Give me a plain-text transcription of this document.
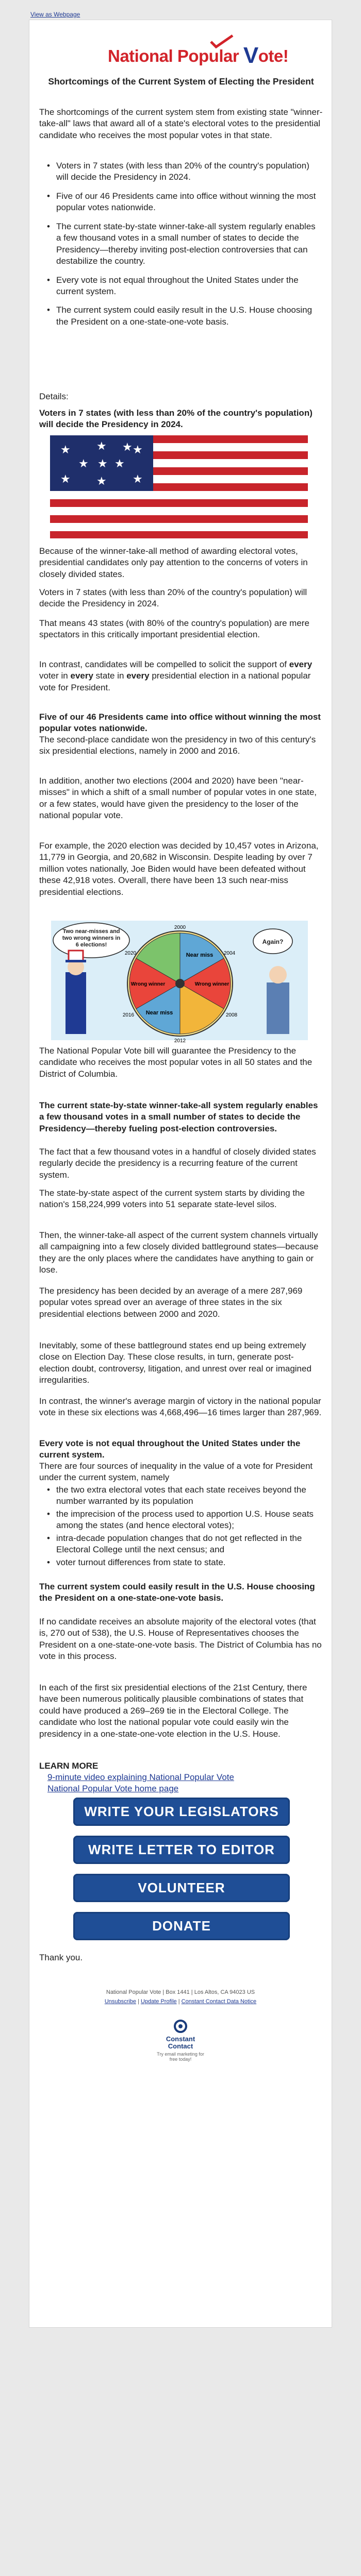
View as Webpage
National Popular Vote!
Shortcomings of the Current System of Electing the President
The shortcomings of the current system stem from existing state "winner-take-all" laws that award all of a state's electoral votes to the presidential candidate who receives the most popular votes in that state.
• Voters in 7 states (with less than 20% of the country's population) will decide the Presidency in 2024.
• Five of our 46 Presidents came into office without winning the most popular votes nationwide.
• The current state-by-state winner-take-all system regularly enables a few thousand votes in a small number of states to decide the Presidency—thereby inviting post-election controversies that can destabilize the country.
• Every vote is not equal throughout the United States under the current system.
• The current system could easily result in the U.S. House choosing the President on a one-state-one-vote basis.
Details:
Voters in 7 states (with less than 20% of the country's population) will decide the Presidency in 2024.
★ ★ ★
★ ★
★ ★ ★
★
★
Because of the winner-take-all method of awarding electoral votes, presidential candidates only pay attention to the concerns of voters in closely divided states.
Voters in 7 states (with less than 20% of the country's population) will decide the Presidency in 2024.
That means 43 states (with 80% of the country's population) are mere spectators in this critically important presidential election.
In contrast, candidates will be compelled to solicit the support of every voter in every state in every presidential election in a national popular vote for President.
Five of our 46 Presidents came into office without winning the most popular votes nationwide.
The second-place candidate won the presidency in two of this century's six presidential elections, namely in 2000 and 2016.
In addition, another two elections (2004 and 2020) have been "near-misses" in which a shift of a small number of popular votes in one state, or a few states, would have given the presidency to the loser of the national popular vote.
For example, the 2020 election was decided by 10,457 votes in Arizona, 11,779 in Georgia, and 20,682 in Wisconsin. Despite leading by over 7 million votes nationally, Joe Biden would have been defeated without these 42,918 votes. Overall, there have been 13 such near-miss presidential elections.
Two near-misses and two wrong winners in 6 elections!	Again?
Near miss
Wrong winner
Near miss
Wrong winner
2000
2004
2008
2012
2016
2020
The National Popular Vote bill will guarantee the Presidency to the candidate who receives the most popular votes in all 50 states and the District of Columbia.
The current state-by-state winner-take-all system regularly enables a few thousand votes in a small number of states to decide the Presidency—thereby fueling post-election controversies.
The fact that a few thousand votes in a handful of closely divided states regularly decide the presidency is a recurring feature of the current system.
The state-by-state aspect of the current system starts by dividing the nation's 158,224,999 voters into 51 separate state-level silos.
Then, the winner-take-all aspect of the current system channels virtually all campaigning into a few closely divided battleground states—because they are the only places where the candidates have anything to gain or lose.
The presidency has been decided by an average of a mere 287,969 popular votes spread over an average of three states in the six presidential elections between 2000 and 2020.
Inevitably, some of these battleground states end up being extremely close on Election Day. These close results, in turn, generate post-election doubt, controversy, litigation, and unrest over real or imagined irregularities.
In contrast, the winner's average margin of victory in the national popular vote in these six elections was 4,668,496—16 times larger than 287,969.
Every vote is not equal throughout the United States under the current system.
There are four sources of inequality in the value of a vote for President under the current system, namely
• the two extra electoral votes that each state receives beyond the number warranted by its population
• the imprecision of the process used to apportion U.S. House seats among the states (and hence electoral votes);
• intra-decade population changes that do not get reflected in the Electoral College until the next census; and
• voter turnout differences from state to state.
The current system could easily result in the U.S. House choosing the President on a one-state-one-vote basis.
If no candidate receives an absolute majority of the electoral votes (that is, 270 out of 538), the U.S. House of Representatives chooses the President on a one-state-one-vote basis. The District of Columbia has no vote in this process.
In each of the first six presidential elections of the 21st Century, there have been numerous politically plausible combinations of states that could have produced a 269–269 tie in the Electoral College. The candidate who lost the national popular vote could easily win the presidency in a one-state-one-vote election in the U.S. House.
LEARN MORE
9-minute video explaining National Popular Vote
National Popular Vote home page
WRITE YOUR LEGISLATORS
WRITE LETTER TO EDITOR
VOLUNTEER
DONATE
Thank you.
National Popular Vote | Box 1441 | Los Altos, CA 94023 US
Unsubscribe | Update Profile | Constant Contact Data Notice
Constant
Contact
Try email marketing for free today!
